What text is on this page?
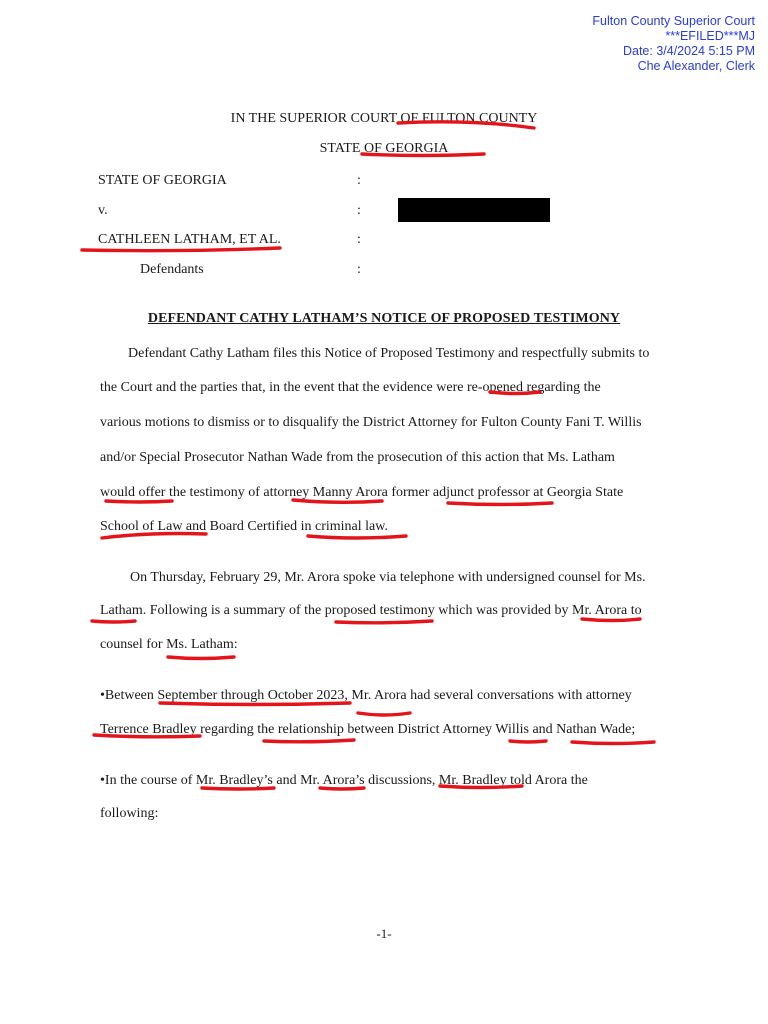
Fulton County Superior Court
***EFILED***MJ
Date: 3/4/2024 5:15 PM
Che Alexander, Clerk
IN THE SUPERIOR COURT OF FULTON COUNTY
STATE OF GEORGIA
STATE OF GEORGIA	:
v.	:
CATHLEEN LATHAM, ET AL.	:
Defendants	:
DEFENDANT CATHY LATHAM’S NOTICE OF PROPOSED TESTIMONY
Defendant Cathy Latham files this Notice of Proposed Testimony and respectfully submits to
the Court and the parties that, in the event that the evidence were re-opened regarding the
various motions to dismiss or to disqualify the District Attorney for Fulton County Fani T. Willis
and/or Special Prosecutor Nathan Wade from the prosecution of this action that Ms. Latham
would offer the testimony of attorney Manny Arora former adjunct professor at Georgia State
School of Law and Board Certified in criminal law.
On Thursday, February 29, Mr. Arora spoke via telephone with undersigned counsel for Ms.
Latham. Following is a summary of the proposed testimony which was provided by Mr. Arora to
counsel for Ms. Latham:
•Between September through October 2023, Mr. Arora had several conversations with attorney
Terrence Bradley regarding the relationship between District Attorney Willis and Nathan Wade;
•In the course of Mr. Bradley’s and Mr. Arora’s discussions, Mr. Bradley told Arora the
following:
-1-
